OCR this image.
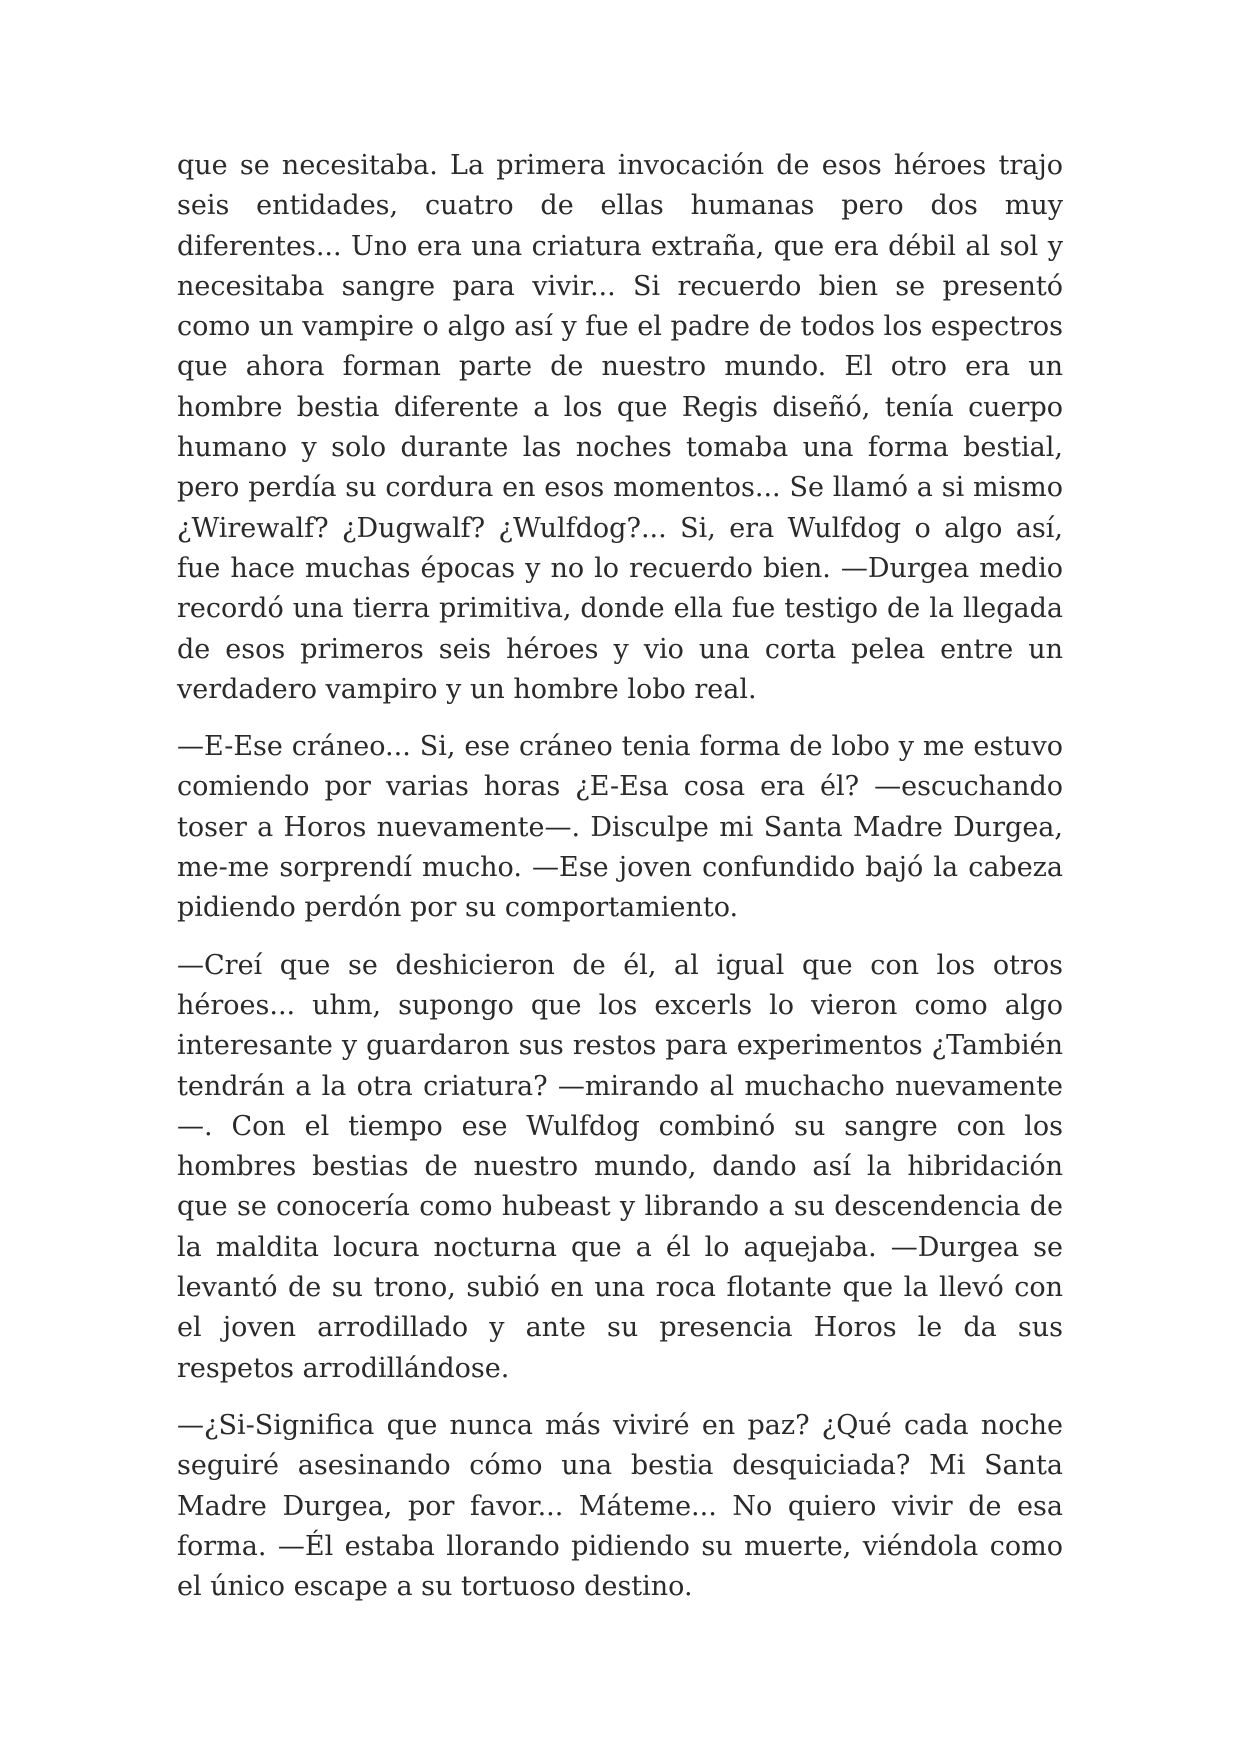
que se necesitaba. La primera invocación de esos héroes trajo seis entidades, cuatro de ellas humanas pero dos muy diferentes... Uno era una criatura extraña, que era débil al sol y necesitaba sangre para vivir... Si recuerdo bien se presentó como un vampire o algo así y fue el padre de todos los espectros que ahora forman parte de nuestro mundo. El otro era un hombre bestia diferente a los que Regis diseñó, tenía cuerpo humano y solo durante las noches tomaba una forma bestial, pero perdía su cordura en esos momentos... Se llamó a si mismo ¿Wirewalf? ¿Dugwalf? ¿Wulfdog?... Si, era Wulfdog o algo así, fue hace muchas épocas y no lo recuerdo bien. —Durgea medio recordó una tierra primitiva, donde ella fue testigo de la llegada de esos primeros seis héroes y vio una corta pelea entre un verdadero vampiro y un hombre lobo real.

—E-Ese cráneo... Si, ese cráneo tenia forma de lobo y me estuvo comiendo por varias horas ¿E-Esa cosa era él? —escuchando toser a Horos nuevamente—. Disculpe mi Santa Madre Durgea, me-me sorprendí mucho. —Ese joven confundido bajó la cabeza pidiendo perdón por su comportamiento.

—Creí que se deshicieron de él, al igual que con los otros héroes... uhm, supongo que los excerls lo vieron como algo interesante y guardaron sus restos para experimentos ¿También tendrán a la otra criatura? —mirando al muchacho nuevamente—. Con el tiempo ese Wulfdog combinó su sangre con los hombres bestias de nuestro mundo, dando así la hibridación que se conocería como hubeast y librando a su descendencia de la maldita locura nocturna que a él lo aquejaba. —Durgea se levantó de su trono, subió en una roca flotante que la llevó con el joven arrodillado y ante su presencia Horos le da sus respetos arrodillándose.

—¿Si-Significa que nunca más viviré en paz? ¿Qué cada noche seguiré asesinando cómo una bestia desquiciada? Mi Santa Madre Durgea, por favor... Máteme... No quiero vivir de esa forma. —Él estaba llorando pidiendo su muerte, viéndola como el único escape a su tortuoso destino.
